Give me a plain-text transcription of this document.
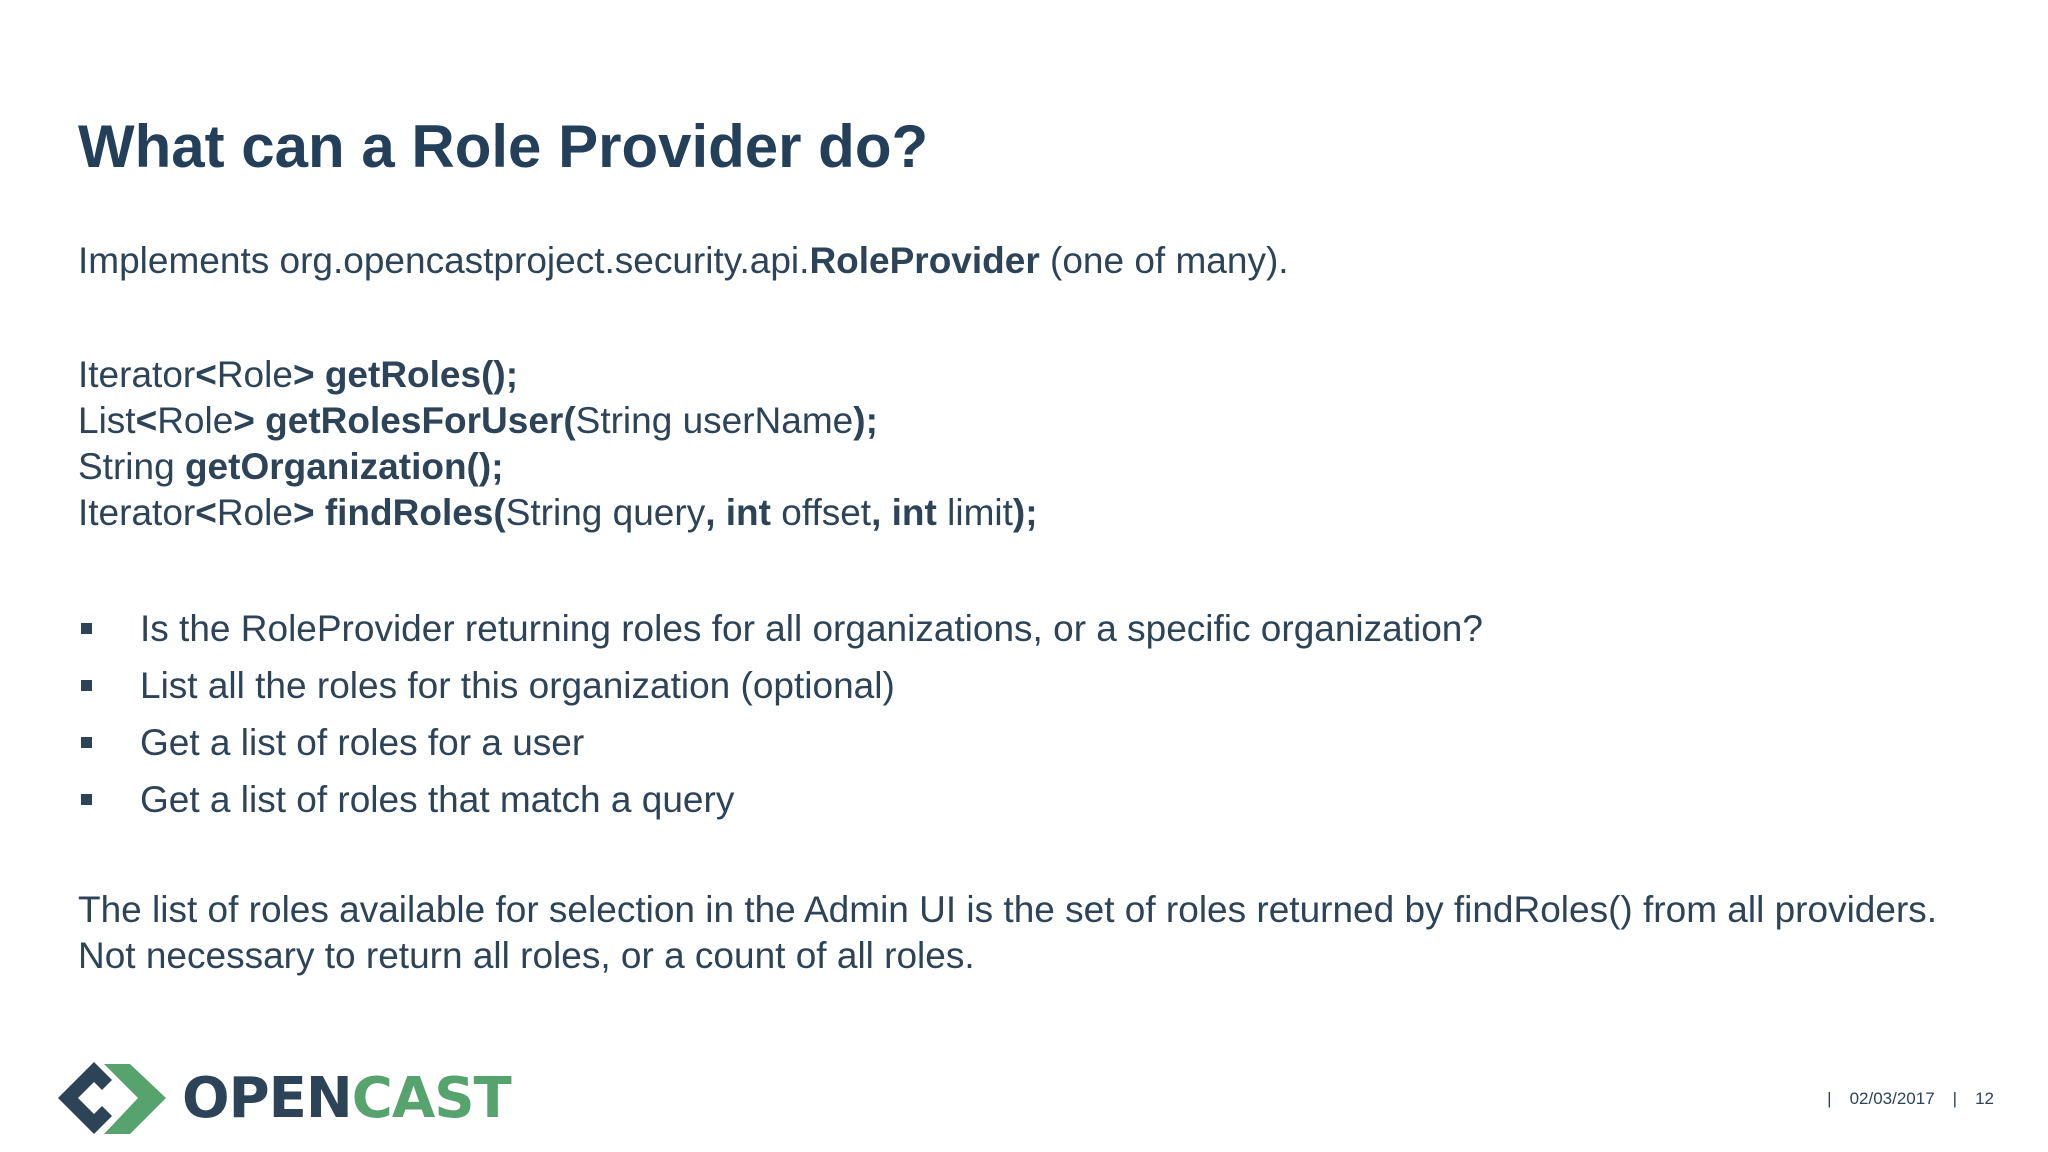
What can a Role Provider do?
Implements org.opencastproject.security.api.RoleProvider (one of many).
Iterator<Role> getRoles();
List<Role> getRolesForUser(String userName);
String getOrganization();
Iterator<Role> findRoles(String query, int offset, int limit);
Is the RoleProvider returning roles for all organizations, or a specific organization?
List all the roles for this organization (optional)
Get a list of roles for a user
Get a list of roles that match a query
The list of roles available for selection in the Admin UI is the set of roles returned by findRoles() from all providers. Not necessary to return all roles, or a count of all roles.
OPENCAST	| 02/03/2017 | 12
